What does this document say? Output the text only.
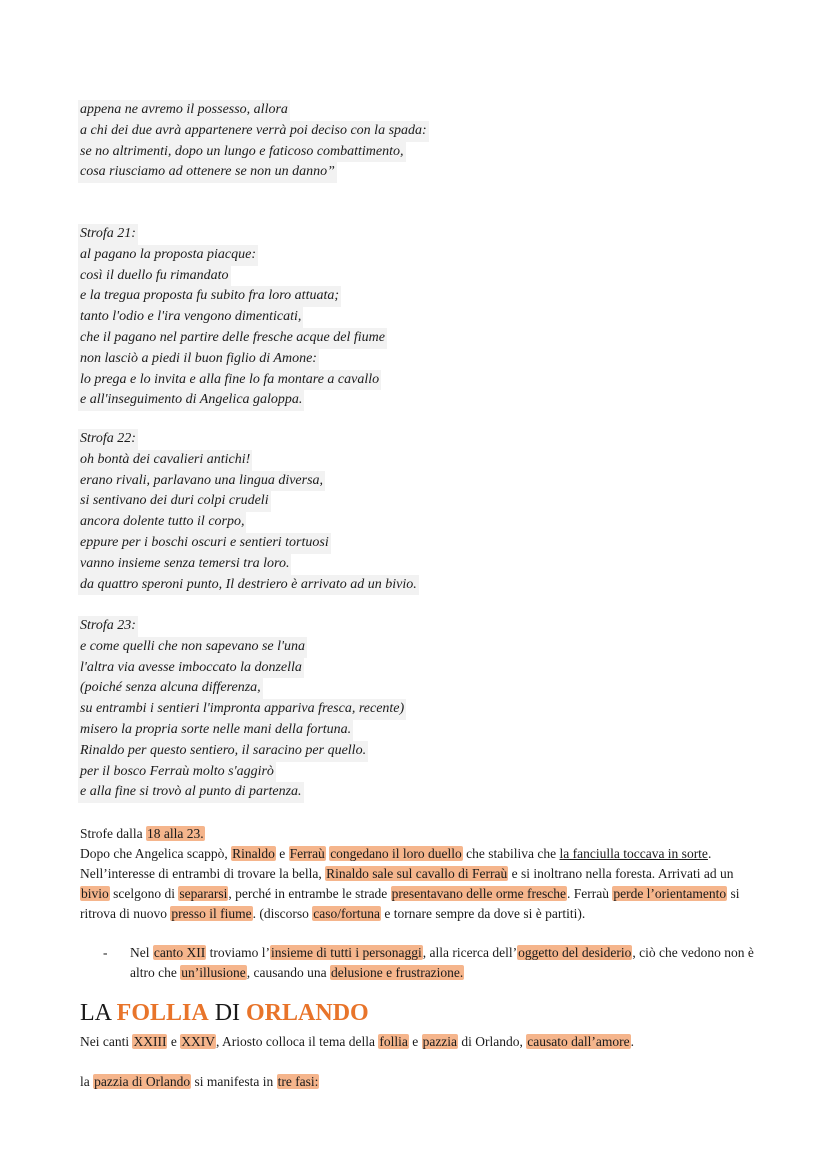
appena ne avremo il possesso, allora
a chi dei due avrà appartenere verrà poi deciso con la spada:
se no altrimenti, dopo un lungo e faticoso combattimento,
cosa riusciamo ad ottenere se non un danno”
Strofa 21:
al pagano la proposta piacque:
così il duello fu rimandato
e la tregua proposta fu subito fra loro attuata;
tanto l'odio e l'ira vengono dimenticati,
che il pagano nel partire delle fresche acque del fiume
non lasciò a piedi il buon figlio di Amone:
lo prega e lo invita e alla fine lo fa montare a cavallo
e all'inseguimento di Angelica galoppa.
Strofa 22:
oh bontà dei cavalieri antichi!
erano rivali, parlavano una lingua diversa,
si sentivano dei duri colpi crudeli
ancora dolente tutto il corpo,
eppure per i boschi oscuri e sentieri tortuosi
vanno insieme senza temersi tra loro.
da quattro speroni punto, Il destriero è arrivato ad un bivio.
Strofa 23:
e come quelli che non sapevano se l'una
l'altra via avesse imboccato la donzella
(poiché senza alcuna differenza,
su entrambi i sentieri l'impronta appariva fresca, recente)
misero la propria sorte nelle mani della fortuna.
Rinaldo per questo sentiero, il saracino per quello.
per il bosco Ferraù molto s'aggirò
e alla fine si trovò al punto di partenza.
Strofe dalla 18 alla 23.
Dopo che Angelica scappò, Rinaldo e Ferraù congedano il loro duello che stabiliva che la fanciulla toccava in sorte. Nell’interesse di entrambi di trovare la bella, Rinaldo sale sul cavallo di Ferraù e si inoltrano nella foresta. Arrivati ad un bivio scelgono di separarsi, perché in entrambe le strade presentavano delle orme fresche. Ferraù perde l’orientamento si ritrova di nuovo presso il fiume. (discorso caso/fortuna e tornare sempre da dove si è partiti).
- Nel canto XII troviamo l’insieme di tutti i personaggi, alla ricerca dell’oggetto del desiderio, ciò che vedono non è altro che un’illusione, causando una delusione e frustrazione.
LA FOLLIA DI ORLANDO
Nei canti XXIII e XXIV, Ariosto colloca il tema della follia e pazzia di Orlando, causato dall’amore.
la pazzia di Orlando si manifesta in tre fasi:
